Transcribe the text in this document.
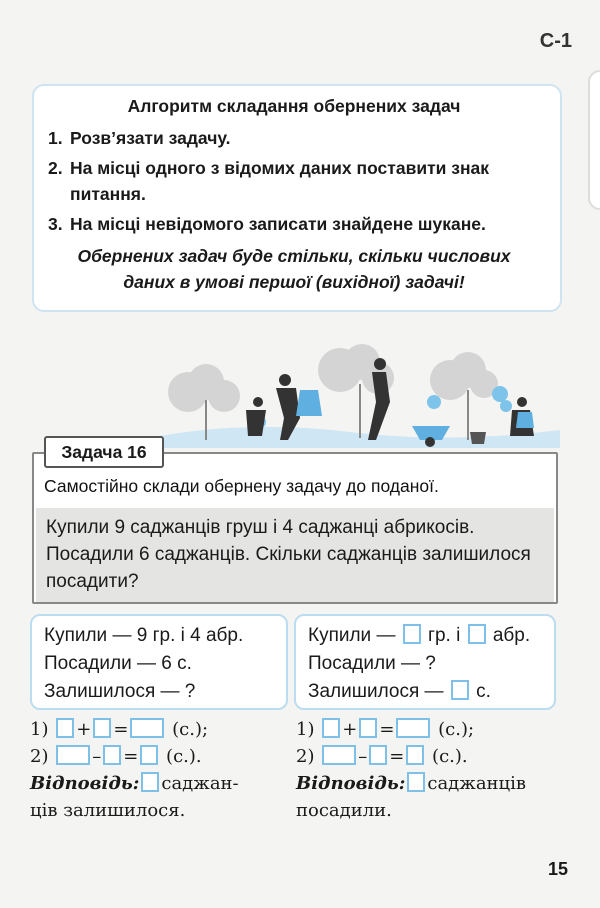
С-1
Алгоритм складання обернених задач
1. Розв’язати задачу.
2. На місці одного з відомих даних поставити знак питання.
3. На місці невідомого записати знайдене шукане.
Обернених задач буде стільки, скільки числових даних в умові першої (вихідної) задачі!
Задача 16
Самостійно склади обернену задачу до поданої.
Купили 9 саджанців груш і 4 саджанці абрикосів. Посадили 6 саджанців. Скільки саджанців залишилося посадити?
Купили — 9 гр. і 4 абр.
Посадили — 6 с.
Залишилося — ?
Купили — гр. і абр.
Посадили — ?
Залишилося — с.
1) + = (с.);
2) – = (с.).
Відповідь: саджан-
ців залишилося.
1) + = (с.);
2) – = (с.).
Відповідь: саджанців
посадили.
15
